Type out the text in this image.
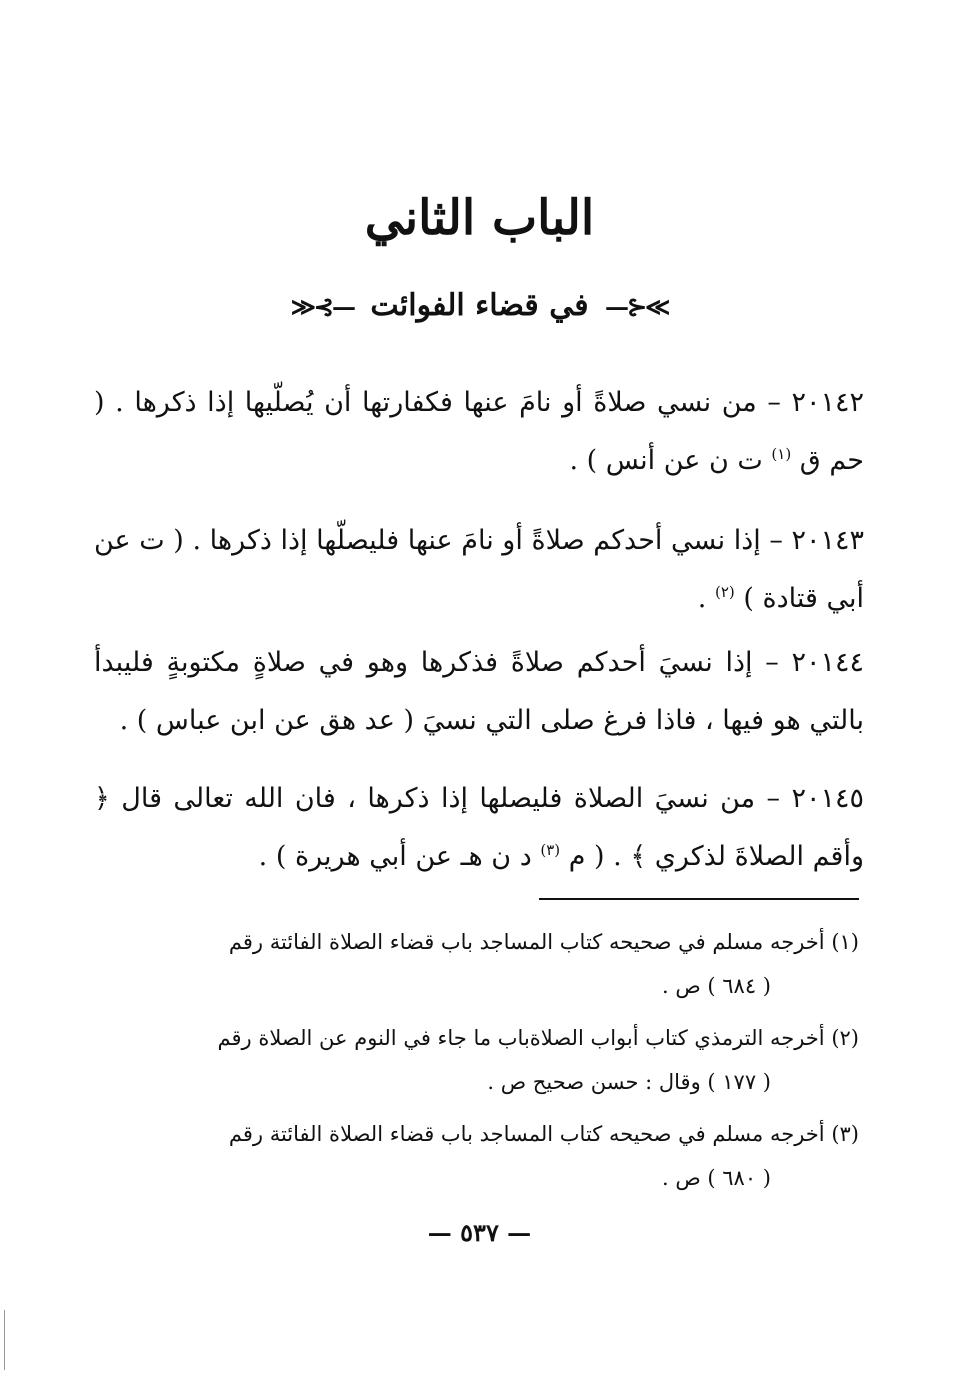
الباب الثاني
≫⊰— في قضاء الفوائت —⊱≪
٢٠١٤٢ – من نسي صلاةً أو نامَ عنها فكفارتها أن يُصلّيها إذا ذكرها . ( حم ق $^{(١)}$ ت ن عن أنس ) .
٢٠١٤٣ – إذا نسي أحدكم صلاةً أو نامَ عنها فليصلّها إذا ذكرها . ( ت عن أبي قتادة ) $^{(٢)}$ .
٢٠١٤٤ – إذا نسيَ أحدكم صلاةً فذكرها وهو في صلاةٍ مكتوبةٍ فليبدأ بالتي هو فيها ، فاذا فرغ صلى التي نسيَ ( عد هق عن ابن عباس ) .
٢٠١٤٥ – من نسيَ الصلاة فليصلها إذا ذكرها ، فان الله تعالى قال ﴿ وأقم الصلاةَ لذكري ﴾ . ( م $^{(٣)}$ د ن هـ عن أبي هريرة ) .
(١) أخرجه مسلم في صحيحه كتاب المساجد باب قضاء الصلاة الفائتة رقم
( ٦٨٤ ) ص .
(٢) أخرجه الترمذي كتاب أبواب الصلاةباب ما جاء في النوم عن الصلاة رقم
( ١٧٧ ) وقال : حسن صحيح ص .
(٣) أخرجه مسلم في صحيحه كتاب المساجد باب قضاء الصلاة الفائتة رقم
( ٦٨٠ ) ص .
— ٥٣٧ —
